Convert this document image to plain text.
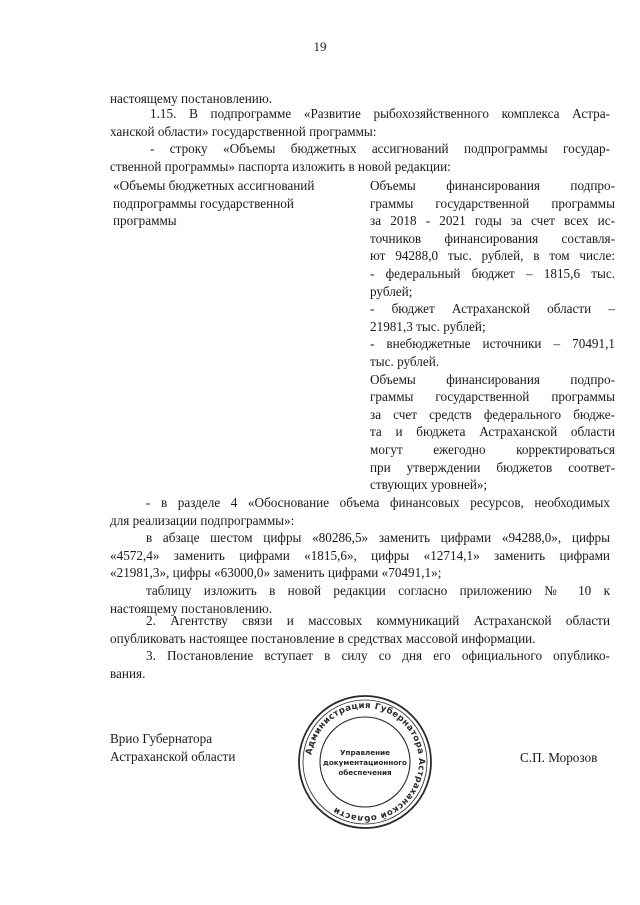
19
настоящему постановлению.
1.15. В подпрограмме «Развитие рыбохозяйственного комплекса Астра-
ханской области» государственной программы:
- строку «Объемы бюджетных ассигнований подпрограммы государ-
ственной программы» паспорта изложить в новой редакции:
«Объемы бюджетных ассигнований
подпрограммы государственной
программы
Объемы финансирования подпро-
граммы государственной программы
за 2018 - 2021 годы за счет всех ис-
точников финансирования составля-
ют 94288,0 тыс. рублей, в том числе:
- федеральный бюджет – 1815,6 тыс.
рублей;
- бюджет Астраханской области –
21981,3 тыс. рублей;
- внебюджетные источники – 70491,1
тыс. рублей.
Объемы финансирования подпро-
граммы государственной программы
за счет средств федерального бюдже-
та и бюджета Астраханской области
могут ежегодно корректироваться
при утверждении бюджетов соответ-
ствующих уровней»;
- в разделе 4 «Обоснование объема финансовых ресурсов, необходимых
для реализации подпрограммы»:
в абзаце шестом цифры «80286,5» заменить цифрами «94288,0», цифры
«4572,4» заменить цифрами «1815,6», цифры «12714,1» заменить цифрами
«21981,3», цифры «63000,0» заменить цифрами «70491,1»;
таблицу изложить в новой редакции согласно приложению № 10 к
настоящему постановлению.
2. Агентству связи и массовых коммуникаций Астраханской области
опубликовать настоящее постановление в средствах массовой информации.
3. Постановление вступает в силу со дня его официального опублико-
вания.
Врио Губернатора
Астраханской области	С.П. Морозов
Администрация Губернатора Астраханской области
Управление
документационного
обеспечения
